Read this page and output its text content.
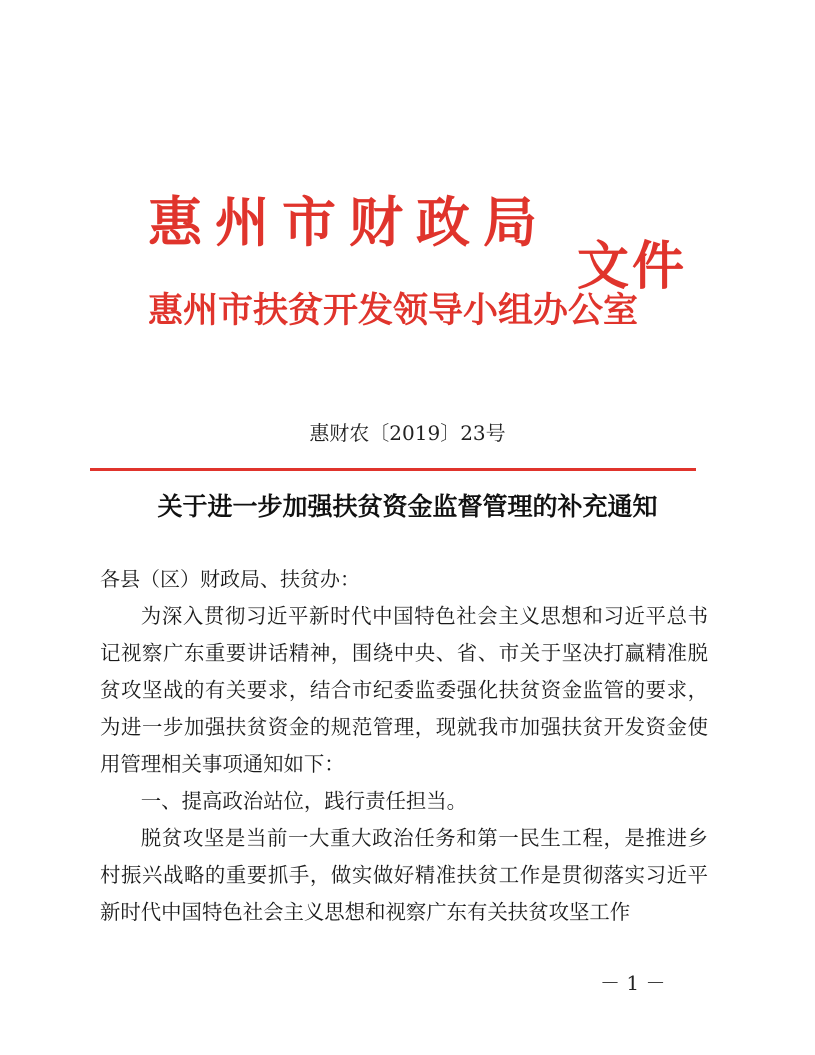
惠州市财政局
惠州市扶贫开发领导小组办公室
文件
惠财农〔2019〕23号
关于进一步加强扶贫资金监督管理的补充通知
各县（区）财政局、扶贫办：

为深入贯彻习近平新时代中国特色社会主义思想和习近平总书记视察广东重要讲话精神，围绕中央、省、市关于坚决打赢精准脱贫攻坚战的有关要求，结合市纪委监委强化扶贫资金监管的要求，为进一步加强扶贫资金的规范管理，现就我市加强扶贫开发资金使用管理相关事项通知如下：

一、提高政治站位，践行责任担当。

脱贫攻坚是当前一大重大政治任务和第一民生工程，是推进乡村振兴战略的重要抓手，做实做好精准扶贫工作是贯彻落实习近平新时代中国特色社会主义思想和视察广东有关扶贫攻坚工作

－ 1 －
